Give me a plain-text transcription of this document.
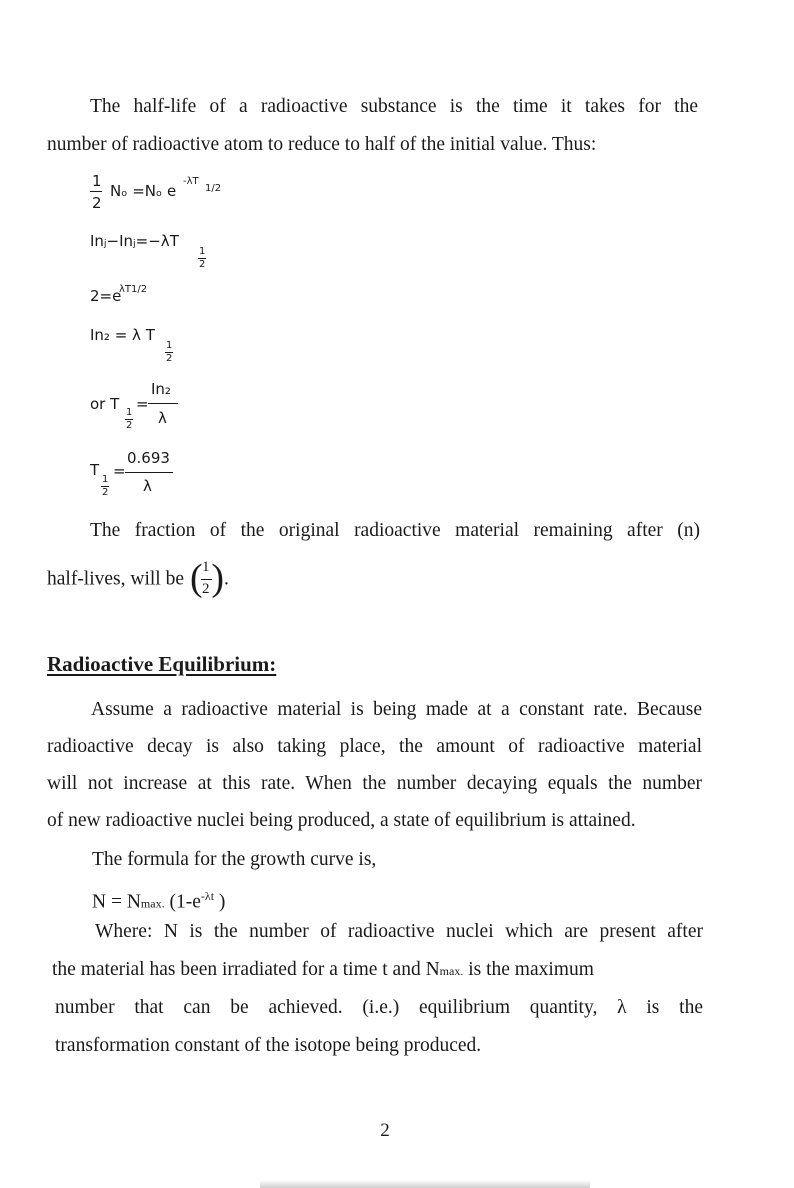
The half-life of a radioactive substance is the time it takes for the

number of radioactive atom to reduce to half of the initial value. Thus:

1
2
Nₒ =Nₒ e
-λT
1/2
Inⱼ−Inⱼ=−λT
1
2
2=e
λT1/2
In₂ = λ T
1
2
or T 1
2
=
In₂
λ
T
1
2
=
0.693
λ

The fraction of the original radioactive material remaining after (n)

half-lives, will be ( 1
2 ) .
Radioactive Equilibrium:

Assume a radioactive material is being made at a constant rate. Because

radioactive decay is also taking place, the amount of radioactive material

will not increase at this rate. When the number decaying equals the number

of new radioactive nuclei being produced, a state of equilibrium is attained.

The formula for the growth curve is,

N = Nmax. ($1-e^{-\lambda t}$ )

Where: N is the number of radioactive nuclei which are present after

the material has been irradiated for a time t and Nmax. is the maximum

number that can be achieved. (i.e.) equilibrium quantity, λ is the

transformation constant of the isotope being produced.

2
